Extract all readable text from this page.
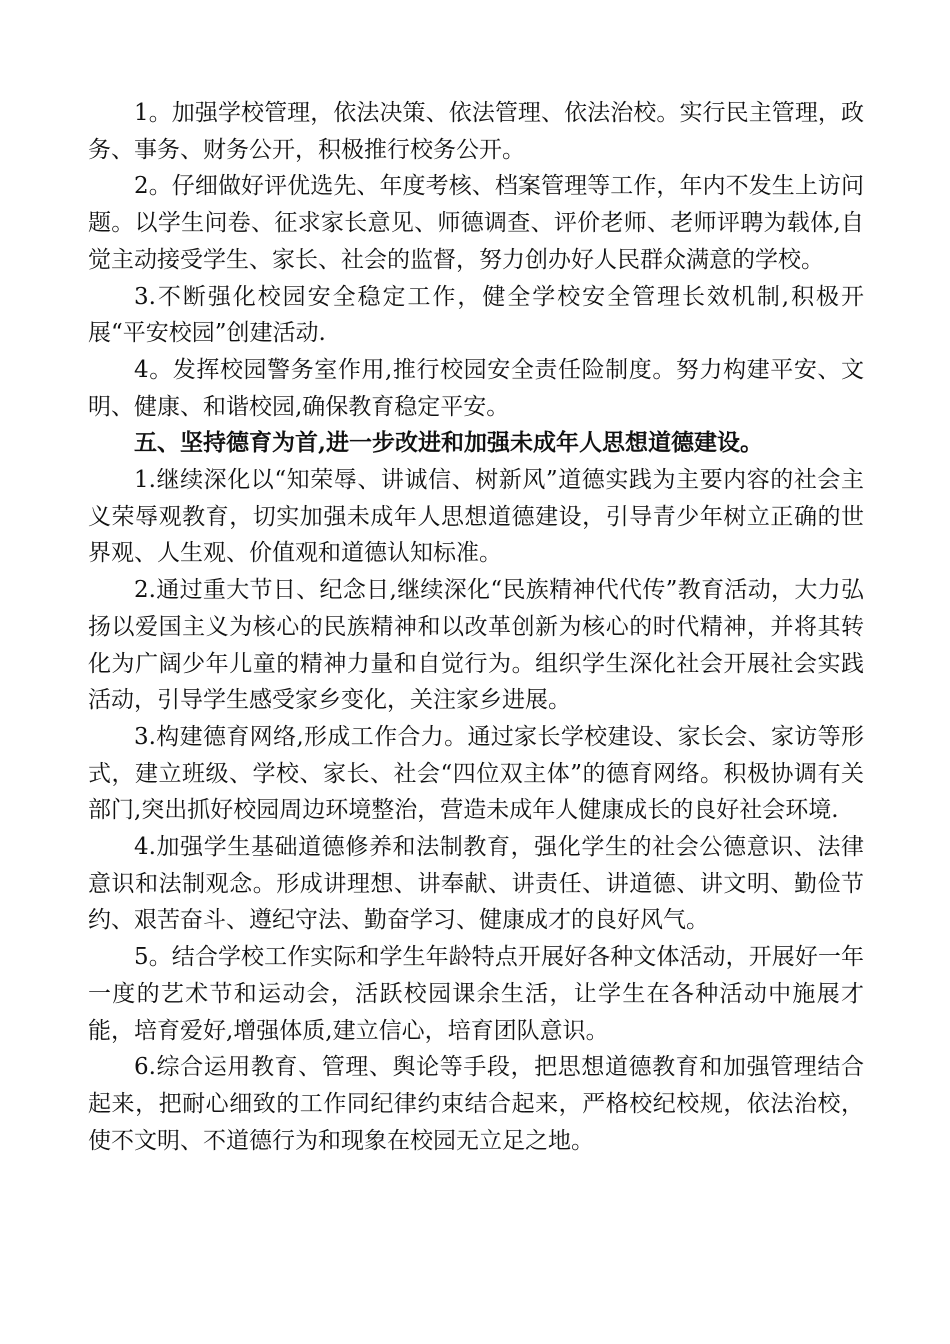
1。加强学校管理，依法决策、依法管理、依法治校。实行民主管理，政务、事务、财务公开，积极推行校务公开。

2。仔细做好评优选先、年度考核、档案管理等工作，年内不发生上访问题。以学生问卷、征求家长意见、师德调查、评价老师、老师评聘为载体,自觉主动接受学生、家长、社会的监督，努力创办好人民群众满意的学校。

3.不断强化校园安全稳定工作，健全学校安全管理长效机制,积极开展“平安校园”创建活动.

4。发挥校园警务室作用,推行校园安全责任险制度。努力构建平安、文明、健康、和谐校园,确保教育稳定平安。

五、坚持德育为首,进一步改进和加强未成年人思想道德建设。

1.继续深化以“知荣辱、讲诚信、树新风”道德实践为主要内容的社会主义荣辱观教育，切实加强未成年人思想道德建设，引导青少年树立正确的世界观、人生观、价值观和道德认知标准。

2.通过重大节日、纪念日,继续深化“民族精神代代传”教育活动，大力弘扬以爱国主义为核心的民族精神和以改革创新为核心的时代精神，并将其转化为广阔少年儿童的精神力量和自觉行为。组织学生深化社会开展社会实践活动，引导学生感受家乡变化，关注家乡进展。

3.构建德育网络,形成工作合力。通过家长学校建设、家长会、家访等形式，建立班级、学校、家长、社会“四位双主体”的德育网络。积极协调有关部门,突出抓好校园周边环境整治，营造未成年人健康成长的良好社会环境.

4.加强学生基础道德修养和法制教育，强化学生的社会公德意识、法律意识和法制观念。形成讲理想、讲奉献、讲责任、讲道德、讲文明、勤俭节约、艰苦奋斗、遵纪守法、勤奋学习、健康成才的良好风气。

5。结合学校工作实际和学生年龄特点开展好各种文体活动，开展好一年一度的艺术节和运动会，活跃校园课余生活，让学生在各种活动中施展才能，培育爱好,增强体质,建立信心，培育团队意识。

6.综合运用教育、管理、舆论等手段，把思想道德教育和加强管理结合起来，把耐心细致的工作同纪律约束结合起来，严格校纪校规，依法治校，使不文明、不道德行为和现象在校园无立足之地。
